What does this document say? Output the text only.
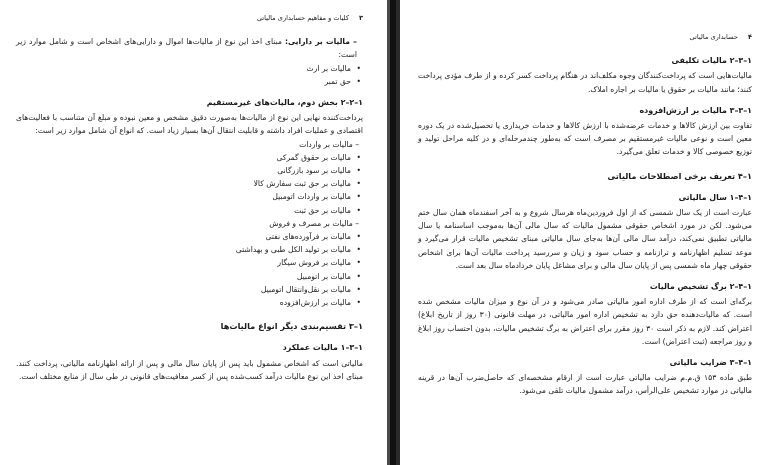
۳
کلیات و مفاهیم حسابداری مالیاتی

– مالیات بر دارایی: مبنای اخذ این نوع از مالیات‌ها اموال و دارایی‌های اشخاص است و شامل موارد زیر است:

• مالیات بر ارث
• حق تمبر
۱–۲–۲ بخش دوم، مالیات‌های غیرمستقیم

پرداخت‌کننده نهایی این نوع از مالیات‌ها به‌صورت دقیق مشخص و معین نبوده و مبلغ آن متناسب با فعالیت‌های اقتصادی و عملیات افراد داشته و قابلیت انتقال آن‌ها بسیار زیاد است. که انواع آن شامل موارد زیر است:

– مالیات بر واردات
• مالیات بر حقوق گمرکی
• مالیات بر سود بازرگانی
• مالیات بر حق ثبت سفارش کالا
• مالیات بر واردات اتومبیل
• مالیات بر حق ثبت
– مالیات بر مصرف و فروش
• مالیات بر فرآورده‌های نفتی
• مالیات بر تولید الکل طبی و بهداشتی
• مالیات بر فروش سیگار
• مالیات بر اتومبیل
• مالیات بر نقل‌وانتقال اتومبیل
• مالیات بر ارزش‌افزوده
۱–۳ تقسیم‌بندی دیگر انواع مالیات‌ها
۱–۳–۱ مالیات عملکرد

مالیاتی است که اشخاص مشمول باید پس از پایان سال مالی و پس از ارائه اظهارنامه مالیاتی، پرداخت کنند. مبنای اخذ این نوع مالیات درآمد کسب‌شده پس از کسر معافیت‌های قانونی در طی سال از منابع مختلف است.

۴
حسابداری مالیاتی
۱–۳–۲ مالیات تکلیفی

مالیات‌هایی است که پرداخت‌کنندگان وجوه مکلف‌اند در هنگام پرداخت کسر کرده و از طرف مؤدی پرداخت کنند؛ مانند مالیات بر حقوق یا مالیات بر اجاره املاک.

۱–۳–۳ مالیات بر ارزش‌افزوده

تفاوت بین ارزش کالاها و خدمات عرضه‌شده با ارزش کالاها و خدمات خریداری یا تحصیل‌شده در یک دوره معین است و نوعی مالیات غیرمستقیم بر مصرف است که به‌طور چندمرحله‌ای و در کلیه مراحل تولید و توزیع خصوصی کالا و خدمات تعلق می‌گیرد.

۱–۴ تعریف برخی اصطلاحات مالیاتی
۱–۴–۱ سال مالیاتی

عبارت است از یک سال شمسی که از اول فروردین‌ماه هرسال شروع و به آخر اسفندماه همان سال ختم می‌شود. لکن در مورد اشخاص حقوقی مشمول مالیات که سال مالی آن‌ها به‌موجب اساسنامه یا سال مالیاتی تطبیق نمی‌کند، درآمد سال مالی آن‌ها به‌جای سال مالیاتی مبنای تشخیص مالیات قرار می‌گیرد و موعد تسلیم اظهارنامه و ترازنامه و حساب سود و زیان و سررسید پرداخت مالیات آن‌ها برای اشخاص حقوقی چهار ماه شمسی پس از پایان سال مالی و برای مشاغل پایان خردادماه سال بعد است.

۱–۴–۲ برگ تشخیص مالیات

برگه‌ای است که از طرف اداره امور مالیاتی صادر می‌شود و در آن نوع و میزان مالیات مشخص شده است. که مالیات‌دهنده حق دارد به تشخیص اداره امور مالیاتی، در مهلت قانونی (۳۰ روز از تاریخ ابلاغ) اعتراض کند. لازم به ذکر است ۳۰ روز مقرر برای اعتراض به برگ تشخیص مالیات، بدون احتساب روز ابلاغ و روز مراجعه (ثبت اعتراض) است.

۱–۴–۳ ضرایب مالیاتی

طبق ماده ۱۵۳ ق.م.م ضرایب مالیاتی عبارت است از ارقام مشخصه‌ای که حاصل‌ضرب آن‌ها در قرینه مالیاتی در موارد تشخیص علی‌الرأس، درآمد مشمول مالیات تلقی می‌شود.
